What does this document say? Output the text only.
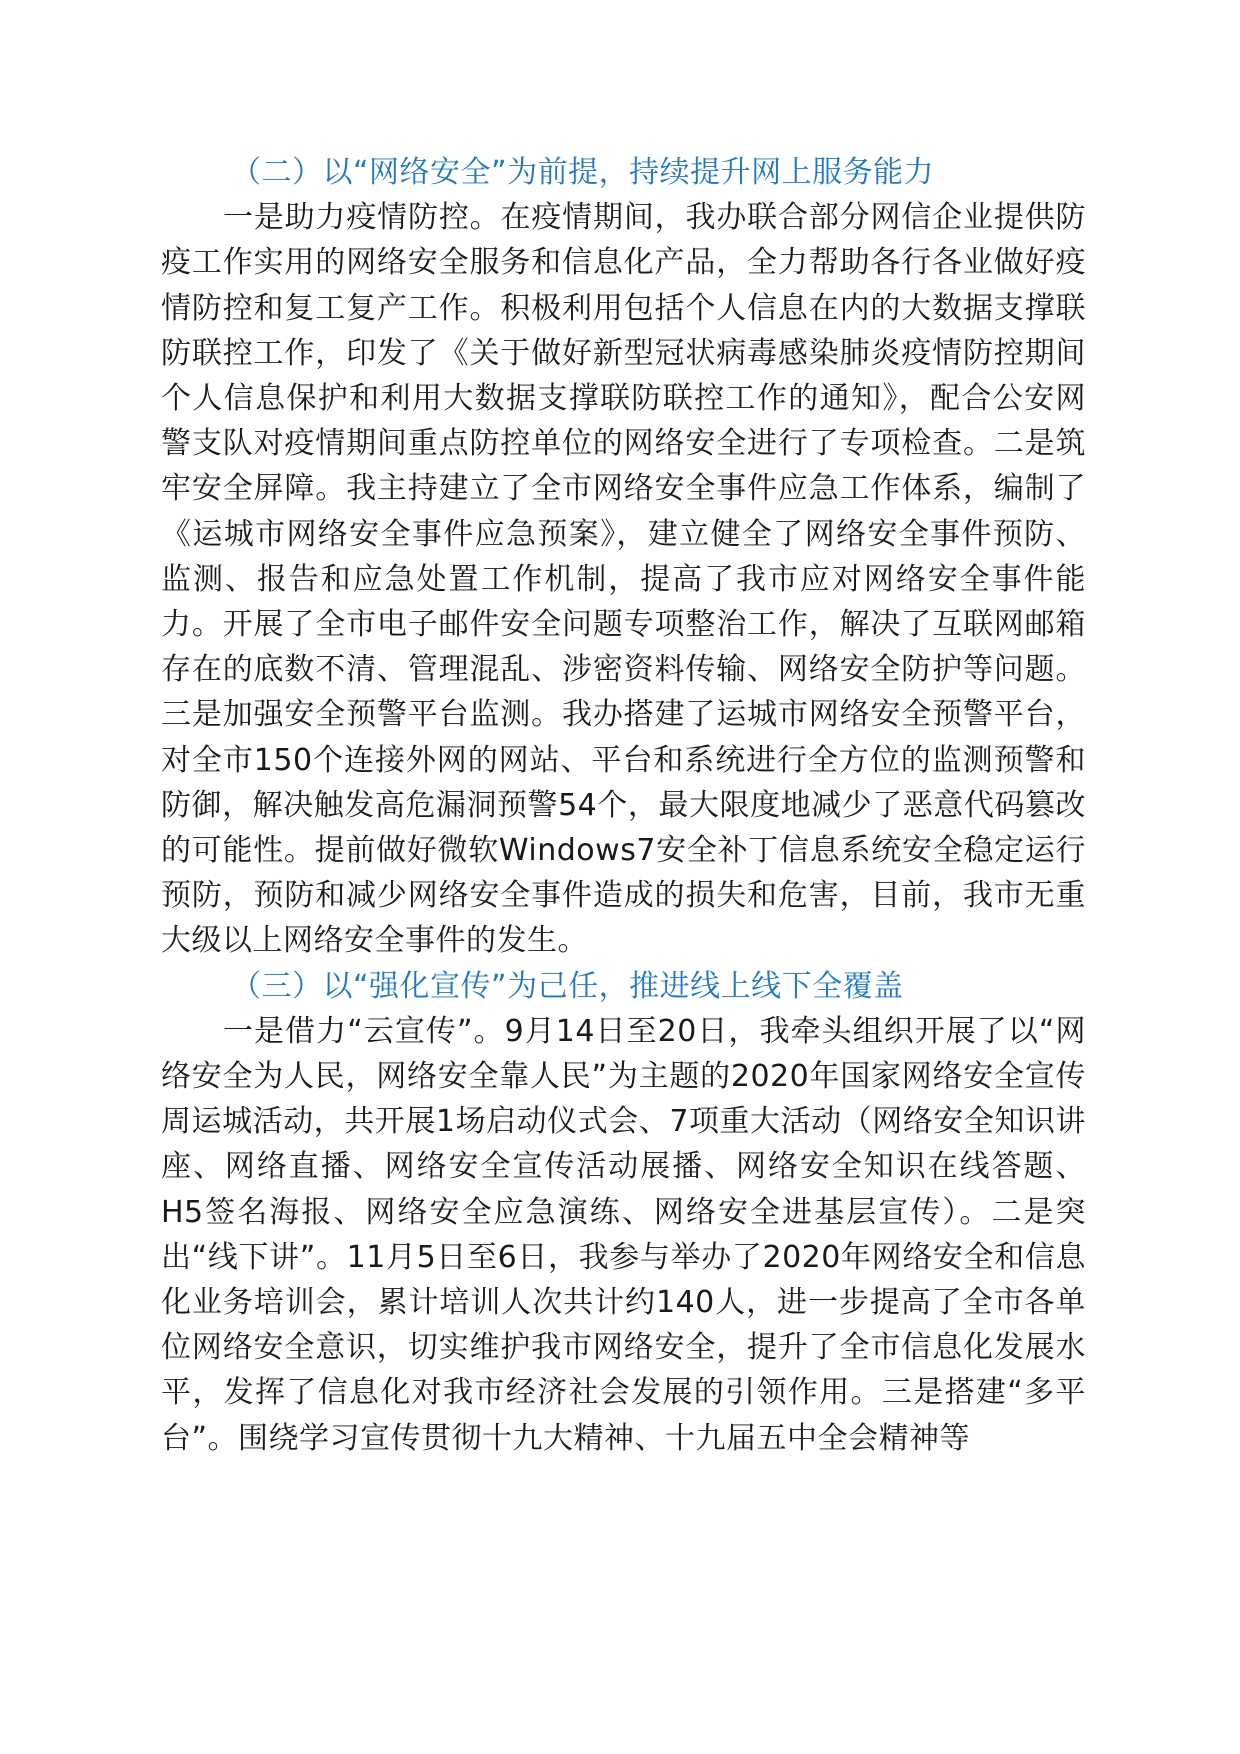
（二）以“网络安全”为前提，持续提升网上服务能力

一是助力疫情防控。在疫情期间，我办联合部分网信企业提供防疫工作实用的网络安全服务和信息化产品，全力帮助各行各业做好疫情防控和复工复产工作。积极利用包括个人信息在内的大数据支撑联防联控工作，印发了《关于做好新型冠状病毒感染肺炎疫情防控期间个人信息保护和利用大数据支撑联防联控工作的通知》，配合公安网警支队对疫情期间重点防控单位的网络安全进行了专项检查。二是筑牢安全屏障。我主持建立了全市网络安全事件应急工作体系，编制了《运城市网络安全事件应急预案》，建立健全了网络安全事件预防、监测、报告和应急处置工作机制，提高了我市应对网络安全事件能力。开展了全市电子邮件安全问题专项整治工作，解决了互联网邮箱存在的底数不清、管理混乱、涉密资料传输、网络安全防护等问题。三是加强安全预警平台监测。我办搭建了运城市网络安全预警平台，对全市150个连接外网的网站、平台和系统进行全方位的监测预警和防御，解决触发高危漏洞预警54个，最大限度地减少了恶意代码篡改的可能性。提前做好微软Windows7安全补丁信息系统安全稳定运行预防，预防和减少网络安全事件造成的损失和危害，目前，我市无重大级以上网络安全事件的发生。

（三）以“强化宣传”为己任，推进线上线下全覆盖

一是借力“云宣传”。9月14日至20日，我牵头组织开展了以“网络安全为人民，网络安全靠人民”为主题的2020年国家网络安全宣传周运城活动，共开展1场启动仪式会、7项重大活动（网络安全知识讲座、网络直播、网络安全宣传活动展播、网络安全知识在线答题、H5签名海报、网络安全应急演练、网络安全进基层宣传）。二是突出“线下讲”。11月5日至6日，我参与举办了2020年网络安全和信息化业务培训会，累计培训人次共计约140人，进一步提高了全市各单位网络安全意识，切实维护我市网络安全，提升了全市信息化发展水平，发挥了信息化对我市经济社会发展的引领作用。三是搭建“多平台”。围绕学习宣传贯彻十九大精神、十九届五中全会精神等
